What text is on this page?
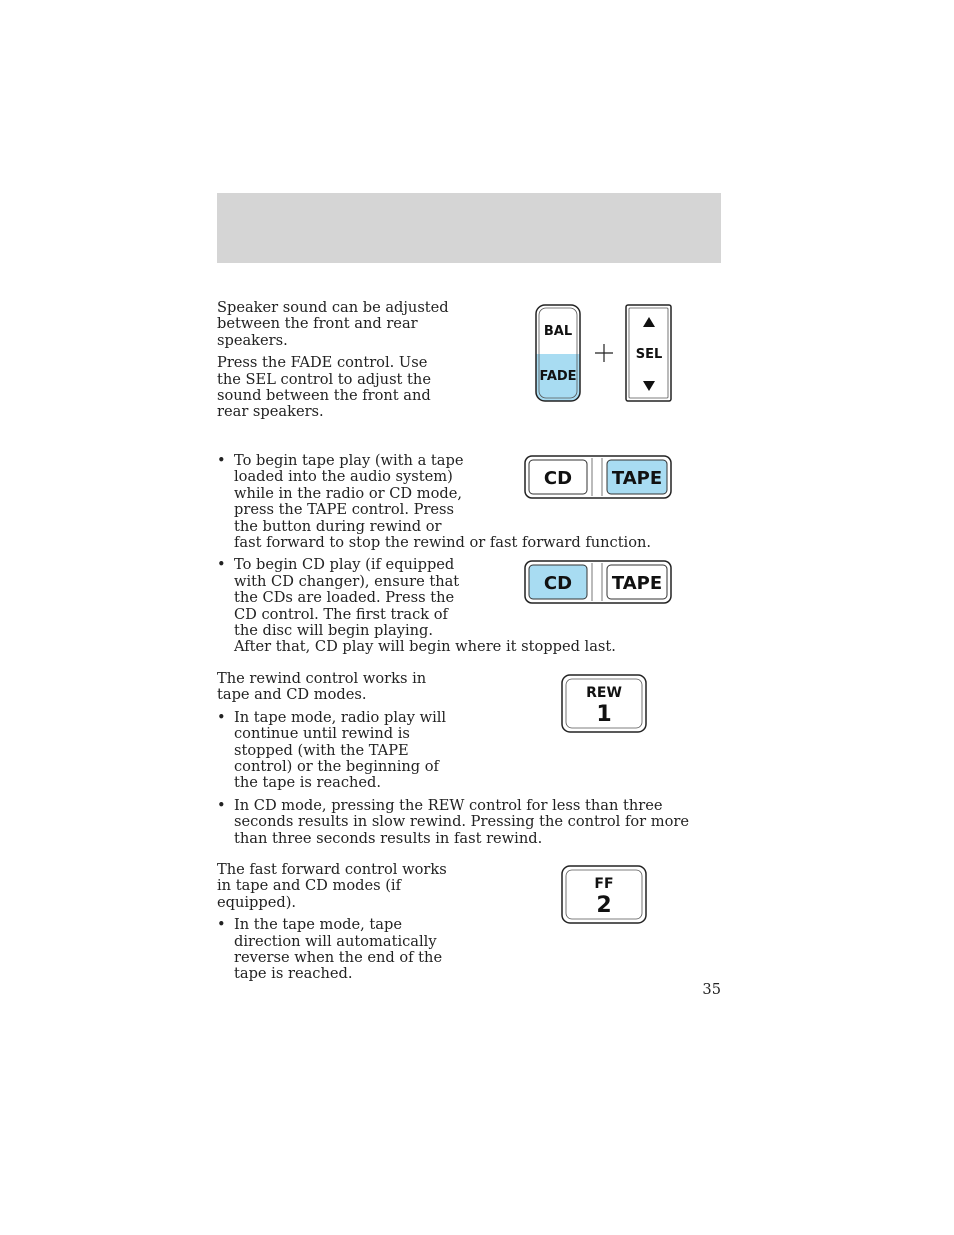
Speaker sound can be adjusted between the front and rear speakers.

Press the FADE control. Use the SEL control to adjust the sound between the front and rear speakers.

BAL
FADE
SEL
• To begin tape play (with a tape loaded into the audio system) while in the radio or CD mode, press the TAPE control. Press the button during rewind or fast forward to stop the rewind or fast forward function.

• To begin CD play (if equipped with CD changer), ensure that the CDs are loaded. Press the CD control. The first track of the disc will begin playing. After that, CD play will begin where it stopped last.

The rewind control works in tape and CD modes.

• In tape mode, radio play will continue until rewind is stopped (with the TAPE control) or the beginning of the tape is reached.

• In CD mode, pressing the REW control for less than three seconds results in slow rewind. Pressing the control for more than three seconds results in fast rewind.

The fast forward control works in tape and CD modes (if equipped).

• In the tape mode, tape direction will automatically reverse when the end of the tape is reached.

CD TAPE
CD TAPE
REW
1
FF
2
35
